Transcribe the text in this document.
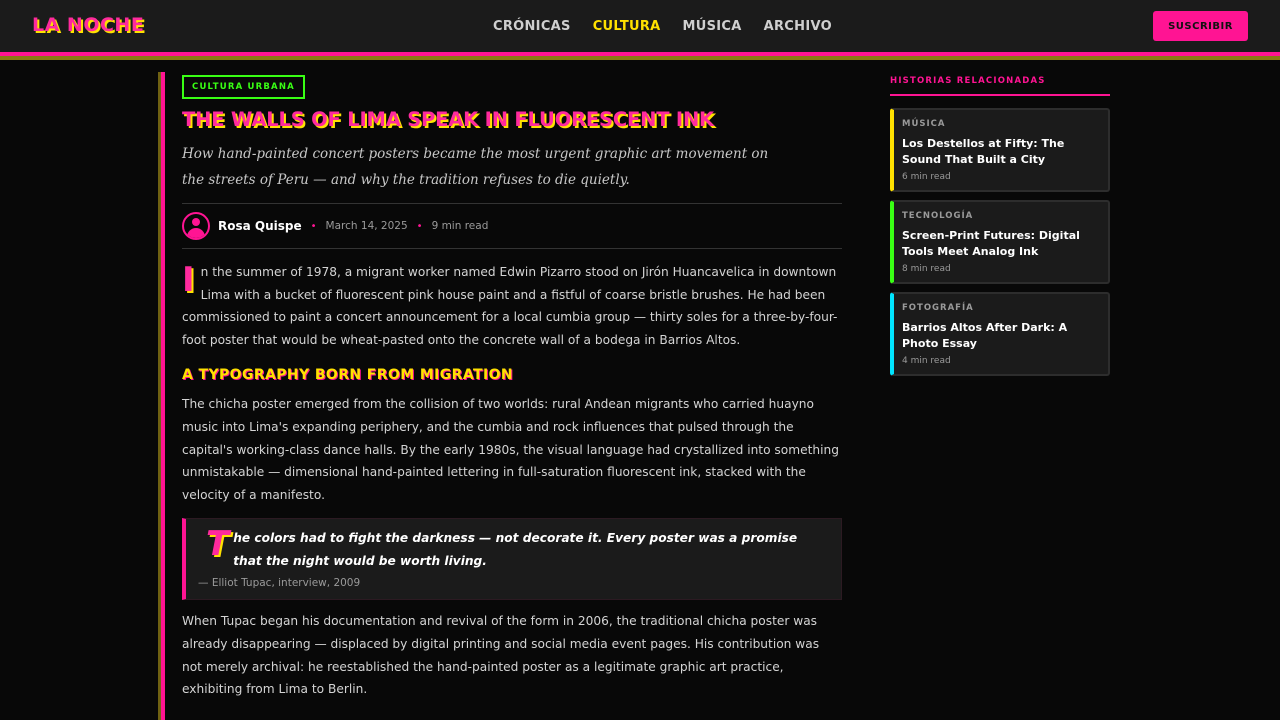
LA NOCHE	CRÓNICAS CULTURA MÚSICA ARCHIVO	SUSCRIBIR
CULTURA URBANA
THE WALLS OF LIMA SPEAK IN FLUORESCENT INK

How hand-painted concert posters became the most urgent graphic art movement on the streets of Peru — and why the tradition refuses to die quietly.

Rosa Quispe • March 14, 2025 • 9 min read

In the summer of 1978, a migrant worker named Edwin Pizarro stood on Jirón Huancavelica in downtown Lima with a bucket of fluorescent pink house paint and a fistful of coarse bristle brushes. He had been commissioned to paint a concert announcement for a local cumbia group — thirty soles for a three-by-four-foot poster that would be wheat-pasted onto the concrete wall of a bodega in Barrios Altos.

A TYPOGRAPHY BORN FROM MIGRATION

The chicha poster emerged from the collision of two worlds: rural Andean migrants who carried huayno music into Lima's expanding periphery, and the cumbia and rock influences that pulsed through the capital's working-class dance halls. By the early 1980s, the visual language had crystallized into something unmistakable — dimensional hand-painted lettering in full-saturation fluorescent ink, stacked with the velocity of a manifesto.

The colors had to fight the darkness — not decorate it. Every poster was a promise that the night would be worth living.
— Elliot Tupac, interview, 2009

When Tupac began his documentation and revival of the form in 2006, the traditional chicha poster was already disappearing — displaced by digital printing and social media event pages. His contribution was not merely archival: he reestablished the hand-painted poster as a legitimate graphic art practice, exhibiting from Lima to Berlin.

HISTORIAS RELACIONADAS
MÚSICA
Los Destellos at Fifty: The Sound That Built a City
6 min read
TECNOLOGÍA
Screen-Print Futures: Digital Tools Meet Analog Ink
8 min read
FOTOGRAFÍA
Barrios Altos After Dark: A Photo Essay
4 min read
